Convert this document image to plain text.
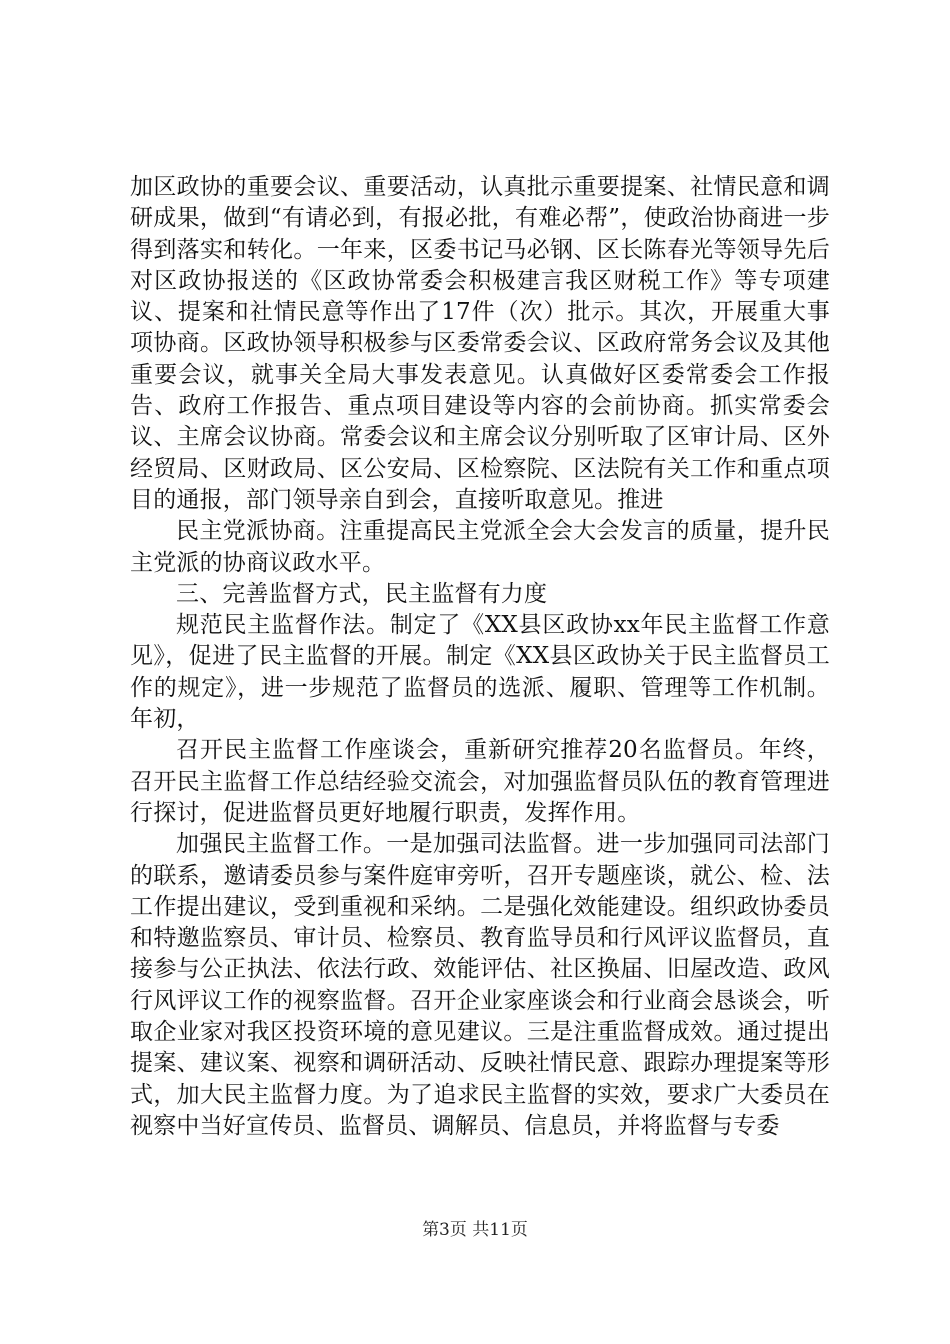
加区政协的重要会议、重要活动，认真批示重要提案、社情民意和调研成果，做到“有请必到，有报必批，有难必帮”，使政治协商进一步得到落实和转化。一年来，区委书记马必钢、区长陈春光等领导先后对区政协报送的《区政协常委会积极建言我区财税工作》等专项建议、提案和社情民意等作出了17件（次）批示。其次，开展重大事项协商。区政协领导积极参与区委常委会议、区政府常务会议及其他重要会议，就事关全局大事发表意见。认真做好区委常委会工作报告、政府工作报告、重点项目建设等内容的会前协商。抓实常委会议、主席会议协商。常委会议和主席会议分别听取了区审计局、区外经贸局、区财政局、区公安局、区检察院、区法院有关工作和重点项目的通报，部门领导亲自到会，直接听取意见。推进

民主党派协商。注重提高民主党派全会大会发言的质量，提升民主党派的协商议政水平。

三、完善监督方式，民主监督有力度

规范民主监督作法。制定了《XX县区政协xx年民主监督工作意见》，促进了民主监督的开展。制定《XX县区政协关于民主监督员工作的规定》，进一步规范了监督员的选派、履职、管理等工作机制。年初，

召开民主监督工作座谈会，重新研究推荐20名监督员。年终，召开民主监督工作总结经验交流会，对加强监督员队伍的教育管理进行探讨，促进监督员更好地履行职责，发挥作用。

加强民主监督工作。一是加强司法监督。进一步加强同司法部门的联系，邀请委员参与案件庭审旁听，召开专题座谈，就公、检、法工作提出建议，受到重视和采纳。二是强化效能建设。组织政协委员和特邀监察员、审计员、检察员、教育监导员和行风评议监督员，直接参与公正执法、依法行政、效能评估、社区换届、旧屋改造、政风行风评议工作的视察监督。召开企业家座谈会和行业商会恳谈会，听取企业家对我区投资环境的意见建议。三是注重监督成效。通过提出提案、建议案、视察和调研活动、反映社情民意、跟踪办理提案等形式，加大民主监督力度。为了追求民主监督的实效，要求广大委员在视察中当好宣传员、监督员、调解员、信息员，并将监督与专委

第3页 共11页
